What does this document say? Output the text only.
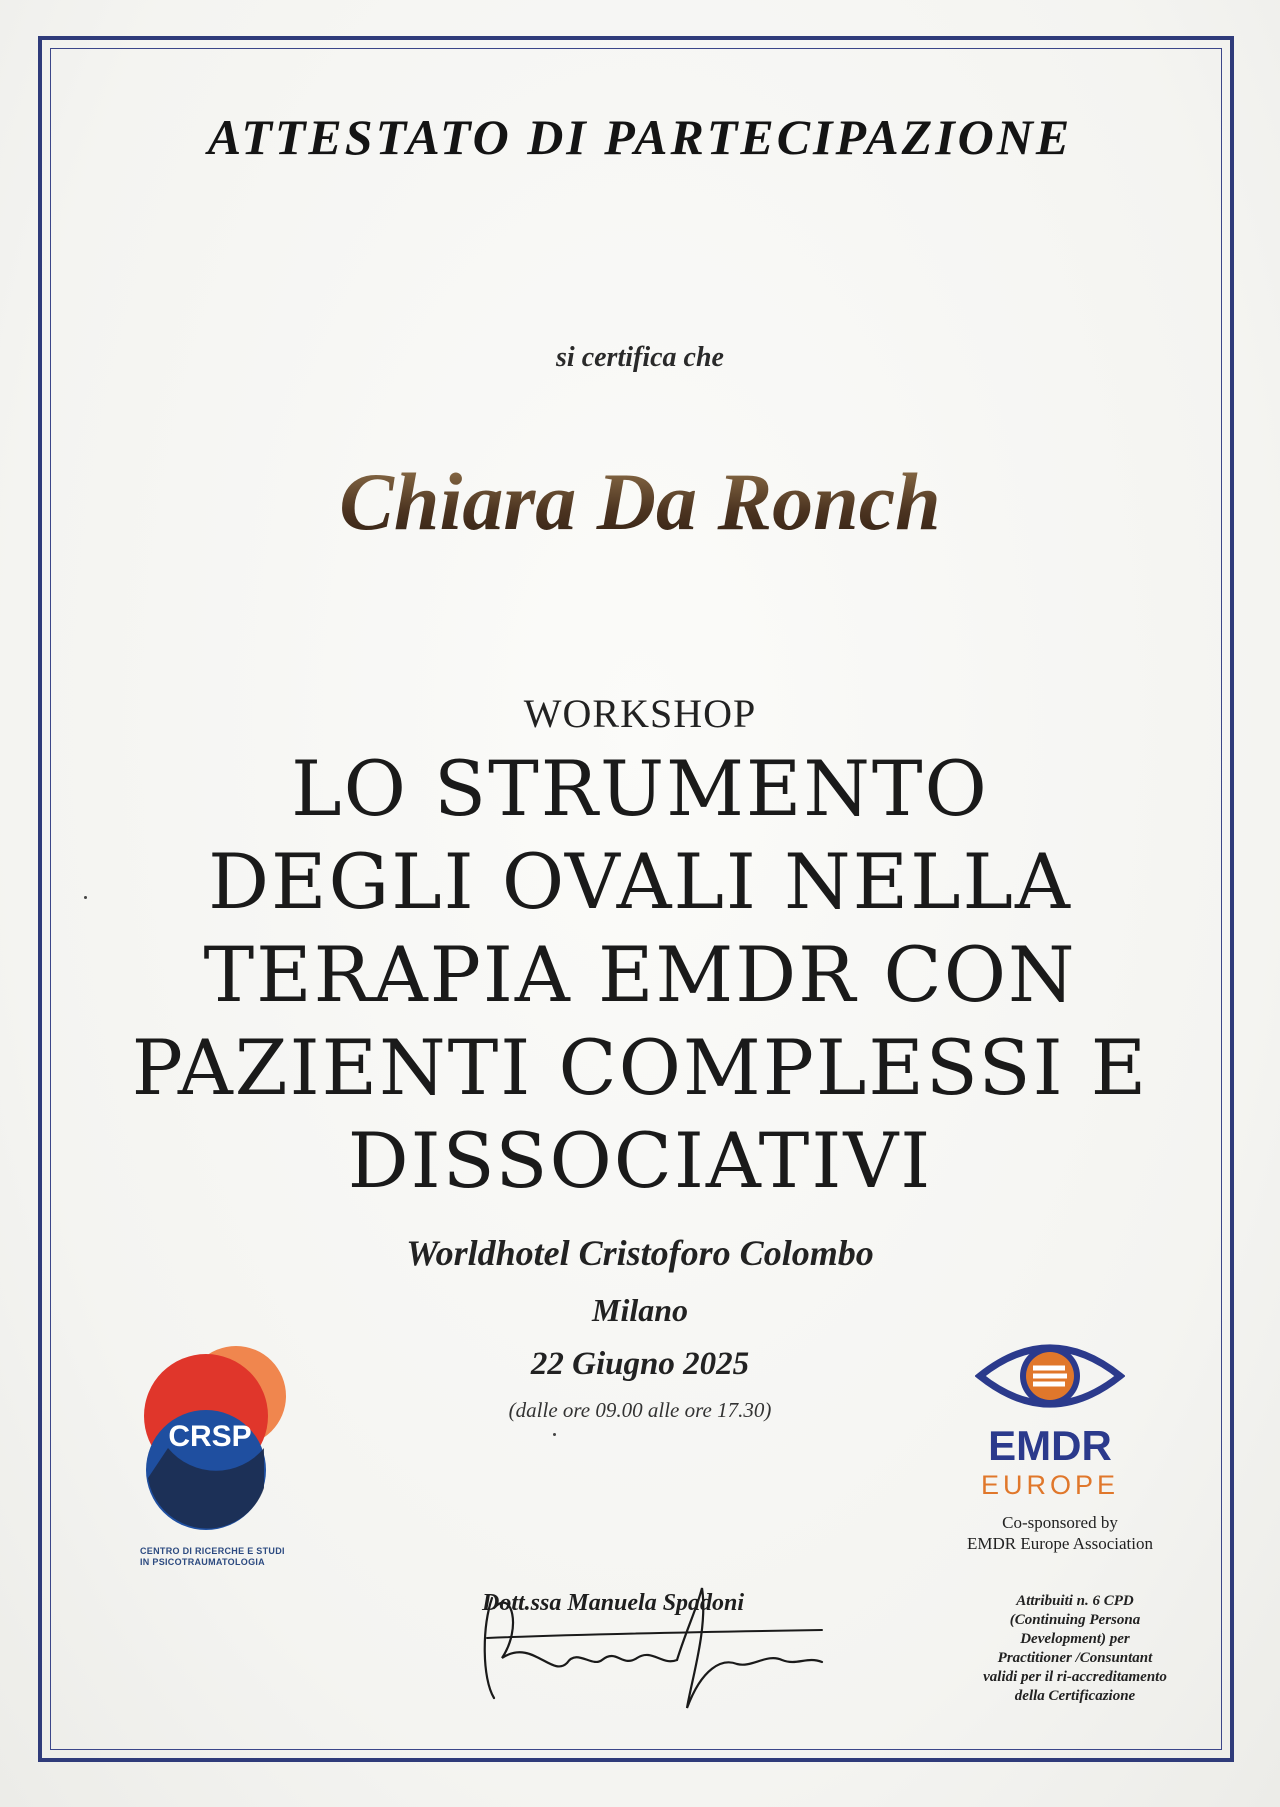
ATTESTATO DI PARTECIPAZIONE
si certifica che
Chiara Da Ronch
WORKSHOP
LO STRUMENTO
DEGLI OVALI NELLA
TERAPIA EMDR CON
PAZIENTI COMPLESSI E
DISSOCIATIVI
Worldhotel Cristoforo Colombo
Milano
22 Giugno 2025
(dalle ore 09.00 alle ore 17.30)
CRSP
CENTRO DI RICERCHE E STUDI
IN PSICOTRAUMATOLOGIA
EMDR
EUROPE
Co-sponsored by
EMDR Europe Association
Attribuiti n. 6 CPD
(Continuing Persona
Development) per
Practitioner /Consuntant
validi per il ri-accreditamento
della Certificazione
Dott.ssa Manuela Spadoni
